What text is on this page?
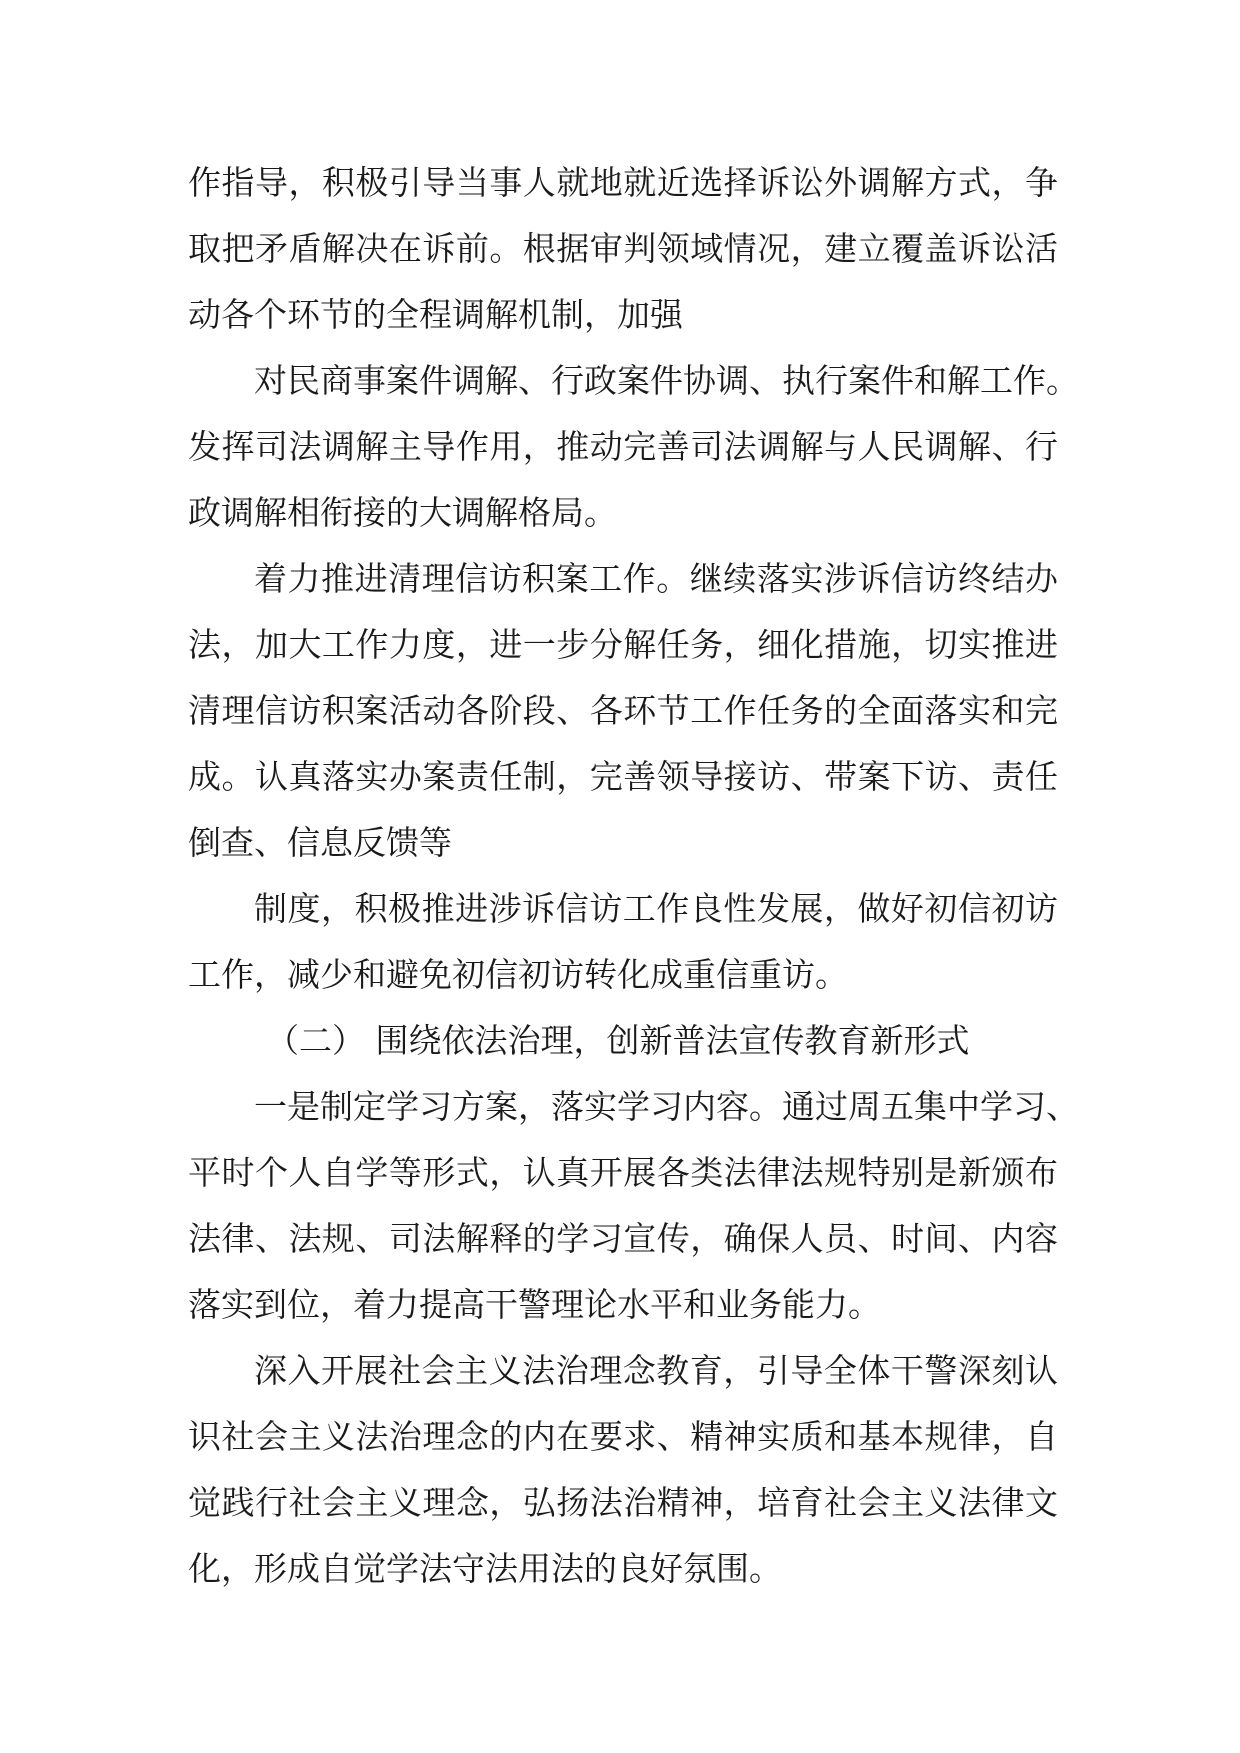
作指导，积极引导当事人就地就近选择诉讼外调解方式，争
取把矛盾解决在诉前。根据审判领域情况，建立覆盖诉讼活
动各个环节的全程调解机制，加强

对民商事案件调解、行政案件协调、执行案件和解工作。
发挥司法调解主导作用，推动完善司法调解与人民调解、行
政调解相衔接的大调解格局。

着力推进清理信访积案工作。继续落实涉诉信访终结办
法，加大工作力度，进一步分解任务，细化措施，切实推进
清理信访积案活动各阶段、各环节工作任务的全面落实和完
成。认真落实办案责任制，完善领导接访、带案下访、责任
倒查、信息反馈等

制度，积极推进涉诉信访工作良性发展，做好初信初访
工作，减少和避免初信初访转化成重信重访。

（二） 围绕依法治理，创新普法宣传教育新形式

一是制定学习方案，落实学习内容。通过周五集中学习、
平时个人自学等形式，认真开展各类法律法规特别是新颁布
法律、法规、司法解释的学习宣传，确保人员、时间、内容
落实到位，着力提高干警理论水平和业务能力。

深入开展社会主义法治理念教育，引导全体干警深刻认
识社会主义法治理念的内在要求、精神实质和基本规律，自
觉践行社会主义理念，弘扬法治精神，培育社会主义法律文
化，形成自觉学法守法用法的良好氛围。
